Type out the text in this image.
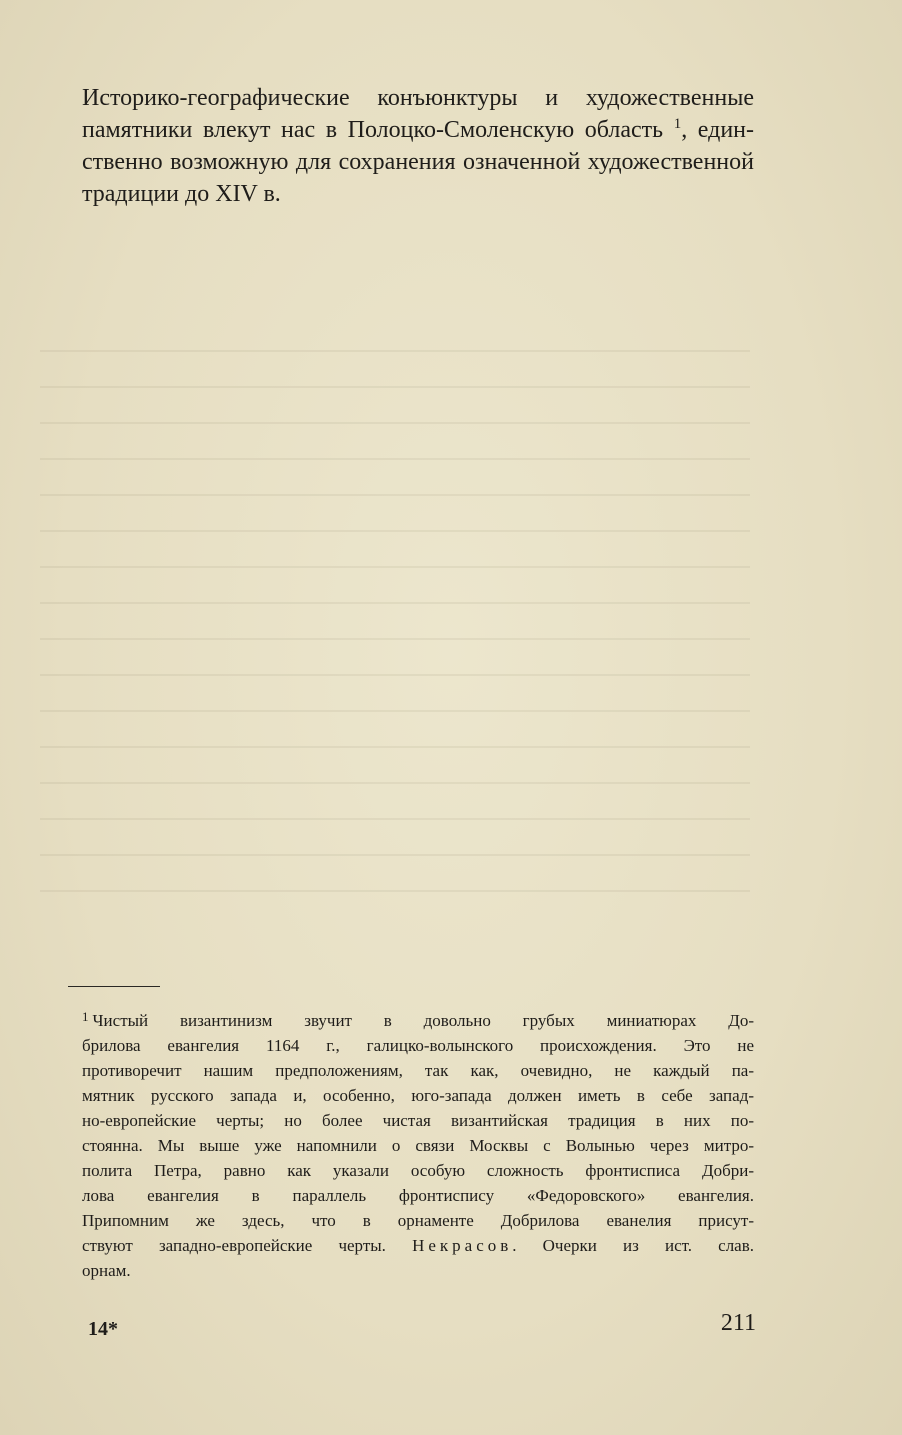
Историко-географические конъюнктуры и художественные
памятники влекут нас в Полоцко-Смоленскую область $^1$, един-
ственно возможную для сохранения означенной художественной
традиции до XIV в.

$^1$ Чистый византинизм звучит в довольно грубых миниатюрах До-
брилова евангелия 1164 г., галицко-волынского происхождения. Это не
противоречит нашим предположениям, так как, очевидно, не каждый па-
мятник русского запада и, особенно, юго-запада должен иметь в себе запад-
но-европейские черты; но более чистая византийская традиция в них по-
стоянна. Мы выше уже напомнили о связи Москвы с Волынью через митро-
полита Петра, равно как указали особую сложность фронтисписа Добри-
лова евангелия в параллель фронтиспису «Федоровского» евангелия.
Припомним же здесь, что в орнаменте Добрилова еванелия присут-
ствуют западно-европейские черты. Некрасов. Очерки из ист. слав.
орнам.

14*	211
